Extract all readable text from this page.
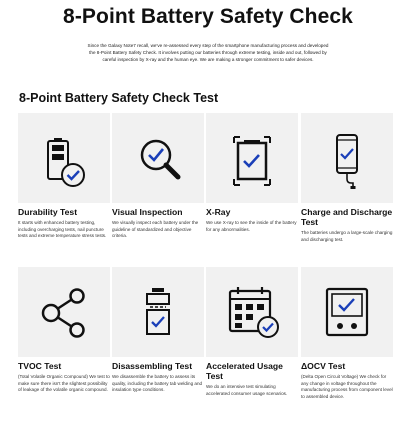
8-Point Battery Safety Check
Since the Galaxy Note7 recall, we've re-assessed every step of the smartphone manufacturing process and developed the 8-Point Battery Safety Check. It involves putting our batteries through extreme testing, inside and out, followed by careful inspection by X-ray and the human eye. We are making a stronger commitment to safer devices.
8-Point Battery Safety Check Test
Durability Test
It starts with enhanced battery testing, including overcharging tests, nail puncture tests and extreme temperature stress tests.
Visual Inspection
We visually inspect each battery under the guideline of standardized and objective criteria.
X-Ray
We use X-ray to see the inside of the battery for any abnormalities.
Charge and Discharge Test
The batteries undergo a large-scale charging and discharging test.
TVOC Test
(Total Volatile Organic Compound) We test to make sure there isn't the slightest possibility of leakage of the volatile organic compound.
Disassembling Test
We disassemble the battery to assess its quality, including the battery tab welding and insulation type conditions.
Accelerated Usage Test
We do an intensive test simulating accelerated consumer usage scenarios.
ΔOCV Test
(Delta Open Circuit Voltage) We check for any change in voltage throughout the manufacturing process from component level to assembled device.
